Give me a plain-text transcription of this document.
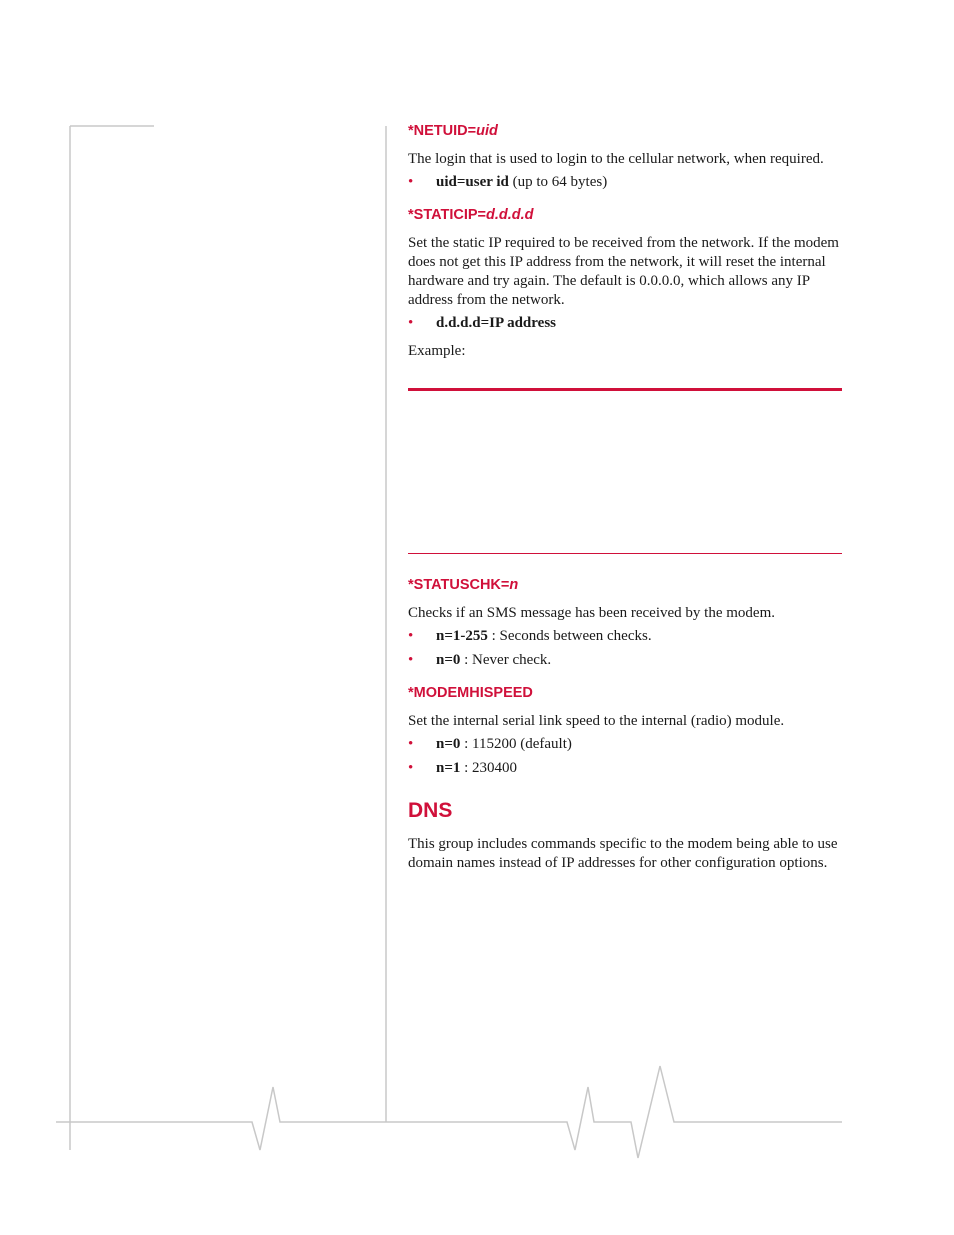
*NETUID=uid

The login that is used to login to the cellular network, when required.

• uid=user id (up to 64 bytes)
*STATICIP=d.d.d.d

Set the static IP required to be received from the network. If the modem does not get this IP address from the network, it will reset the internal hardware and try again. The default is 0.0.0.0, which allows any IP address from the network.

• d.d.d.d=IP address

Example:

*STATUSCHK=n

Checks if an SMS message has been received by the modem.

• n=1-255 : Seconds between checks.
• n=0 : Never check.
*MODEMHISPEED

Set the internal serial link speed to the internal (radio) module.

• n=0 : 115200 (default)
• n=1 : 230400
DNS

This group includes commands specific to the modem being able to use domain names instead of IP addresses for other configuration options.
